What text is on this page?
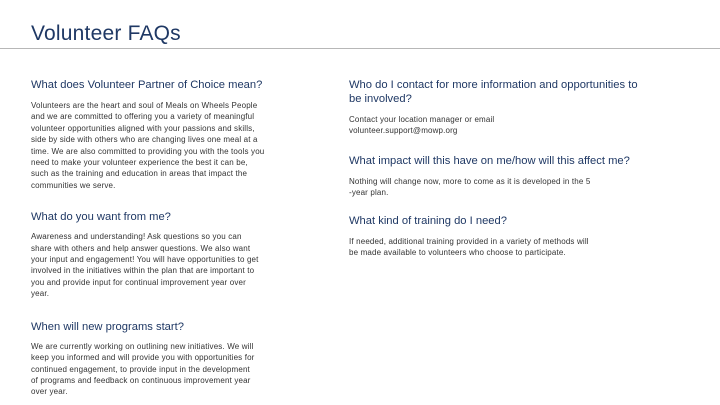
Volunteer FAQs

What does Volunteer Partner of Choice mean?

Volunteers are the heart and soul of Meals on Wheels People
and we are committed to offering you a variety of meaningful
volunteer opportunities aligned with your passions and skills,
side by side with others who are changing lives one meal at a
time. We are also committed to providing you with the tools you
need to make your volunteer experience the best it can be,
such as the training and education in areas that impact the
communities we serve.

What do you want from me?

Awareness and understanding! Ask questions so you can
share with others and help answer questions. We also want
your input and engagement! You will have opportunities to get
involved in the initiatives within the plan that are important to
you and provide input for continual improvement year over
year.

When will new programs start?

We are currently working on outlining new initiatives. We will
keep you informed and will provide you with opportunities for
continued engagement, to provide input in the development
of programs and feedback on continuous improvement year
over year.

Who do I contact for more information and opportunities to be involved?

Contact your location manager or email
volunteer.support@mowp.org

What impact will this have on me/how will this affect me?

Nothing will change now, more to come as it is developed in the 5
-year plan.

What kind of training do I need?

If needed, additional training provided in a variety of methods will
be made available to volunteers who choose to participate.
